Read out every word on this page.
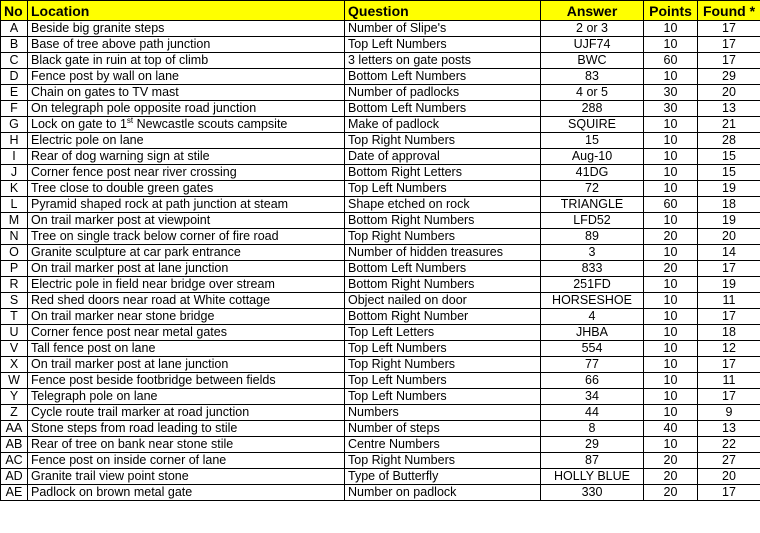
No	Location	Question	Answer	Points	Found *
A	Beside big granite steps	Number of Slipe's	2 or 3	10	17
B	Base of tree above path junction	Top Left Numbers	UJF74	10	17
C	Black gate in ruin at top of climb	3 letters on gate posts	BWC	60	17
D	Fence post by wall on lane	Bottom Left Numbers	83	10	29
E	Chain on gates to TV mast	Number of padlocks	4 or 5	30	20
F	On telegraph pole opposite road junction	Bottom Left Numbers	288	30	13
G	Lock on gate to 1st Newcastle scouts campsite	Make of padlock	SQUIRE	10	21
H	Electric pole on lane	Top Right Numbers	15	10	28
I	Rear of dog warning sign at stile	Date of approval	Aug-10	10	15
J	Corner fence post near river crossing	Bottom Right Letters	41DG	10	15
K	Tree close to double green gates	Top Left Numbers	72	10	19
L	Pyramid shaped rock at path junction at steam	Shape etched on rock	TRIANGLE	60	18
M	On trail marker post at viewpoint	Bottom Right Numbers	LFD52	10	19
N	Tree on single track below corner of fire road	Top Right Numbers	89	20	20
O	Granite sculpture at car park entrance	Number of hidden treasures	3	10	14
P	On trail marker post at lane junction	Bottom Left Numbers	833	20	17
R	Electric pole in field near bridge over stream	Bottom Right Numbers	251FD	10	19
S	Red shed doors near road at White cottage	Object nailed on door	HORSESHOE	10	11
T	On trail marker near stone bridge	Bottom Right Number	4	10	17
U	Corner fence post near metal gates	Top Left Letters	JHBA	10	18
V	Tall fence post on lane	Top Left Numbers	554	10	12
X	On trail marker post at lane junction	Top Right Numbers	77	10	17
W	Fence post beside footbridge between fields	Top Left Numbers	66	10	11
Y	Telegraph pole on lane	Top Left Numbers	34	10	17
Z	Cycle route trail marker at road junction	Numbers	44	10	9
AA	Stone steps from road leading to stile	Number of steps	8	40	13
AB	Rear of tree on bank near stone stile	Centre Numbers	29	10	22
AC	Fence post on inside corner of lane	Top Right Numbers	87	20	27
AD	Granite trail view point stone	Type of Butterfly	HOLLY BLUE	20	20
AE	Padlock on brown metal gate	Number on padlock	330	20	17
